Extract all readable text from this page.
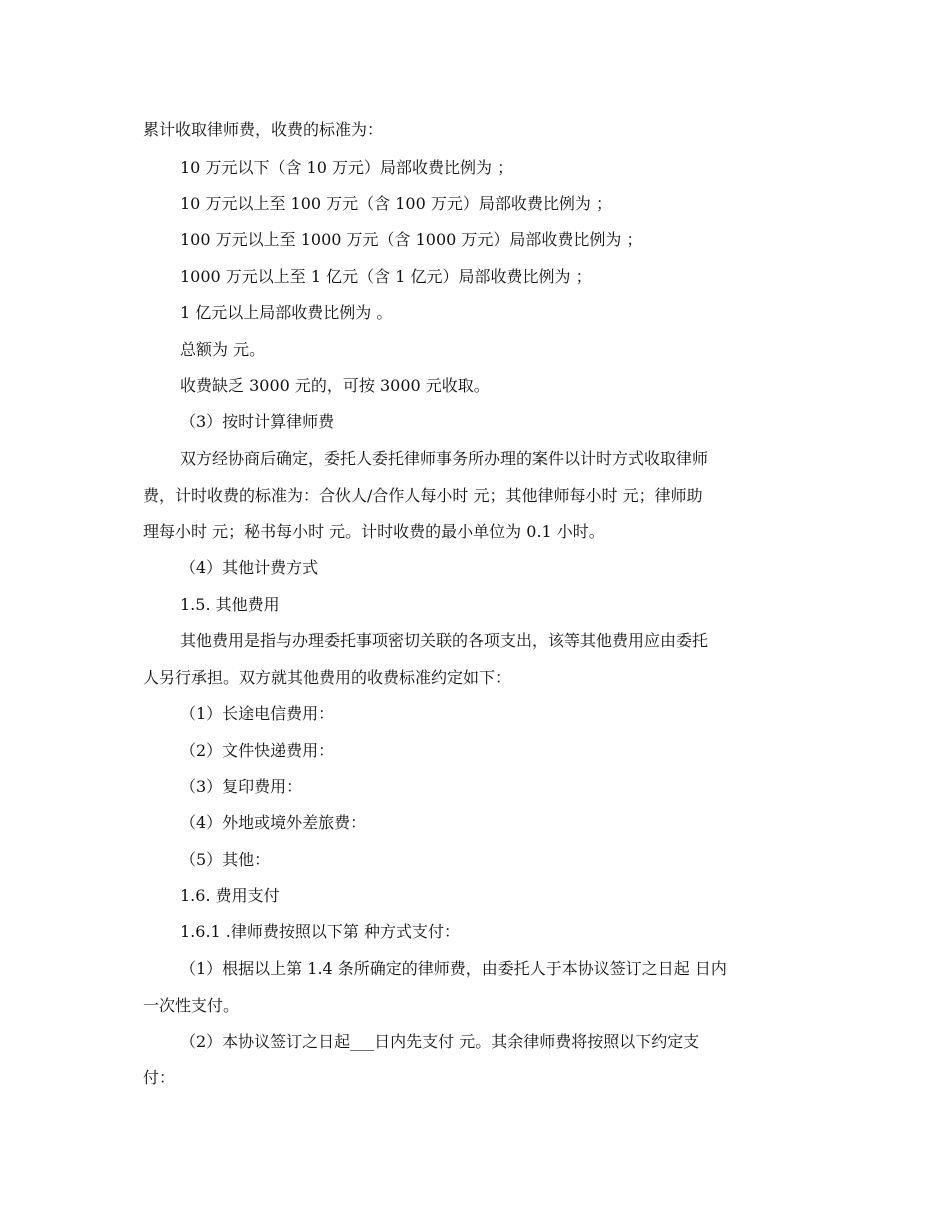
累计收取律师费，收费的标准为：

10 万元以下（含 10 万元）局部收费比例为 ；

10 万元以上至 100 万元（含 100 万元）局部收费比例为 ；

100 万元以上至 1000 万元（含 1000 万元）局部收费比例为 ；

1000 万元以上至 1 亿元（含 1 亿元）局部收费比例为 ；

1 亿元以上局部收费比例为 。

总额为 元。

收费缺乏 3000 元的，可按 3000 元收取。

（3）按时计算律师费

双方经协商后确定，委托人委托律师事务所办理的案件以计时方式收取律师

费，计时收费的标准为：合伙人/合作人每小时 元；其他律师每小时 元；律师助

理每小时 元；秘书每小时 元。计时收费的最小单位为 0.1 小时。

（4）其他计费方式

1.5. 其他费用

其他费用是指与办理委托事项密切关联的各项支出，该等其他费用应由委托

人另行承担。双方就其他费用的收费标准约定如下：

（1）长途电信费用：

（2）文件快递费用：

（3）复印费用：

（4）外地或境外差旅费：

（5）其他：

1.6. 费用支付

1.6.1 .律师费按照以下第 种方式支付：

（1）根据以上第 1.4 条所确定的律师费，由委托人于本协议签订之日起 日内

一次性支付。

（2）本协议签订之日起___日内先支付 元。其余律师费将按照以下约定支

付：
